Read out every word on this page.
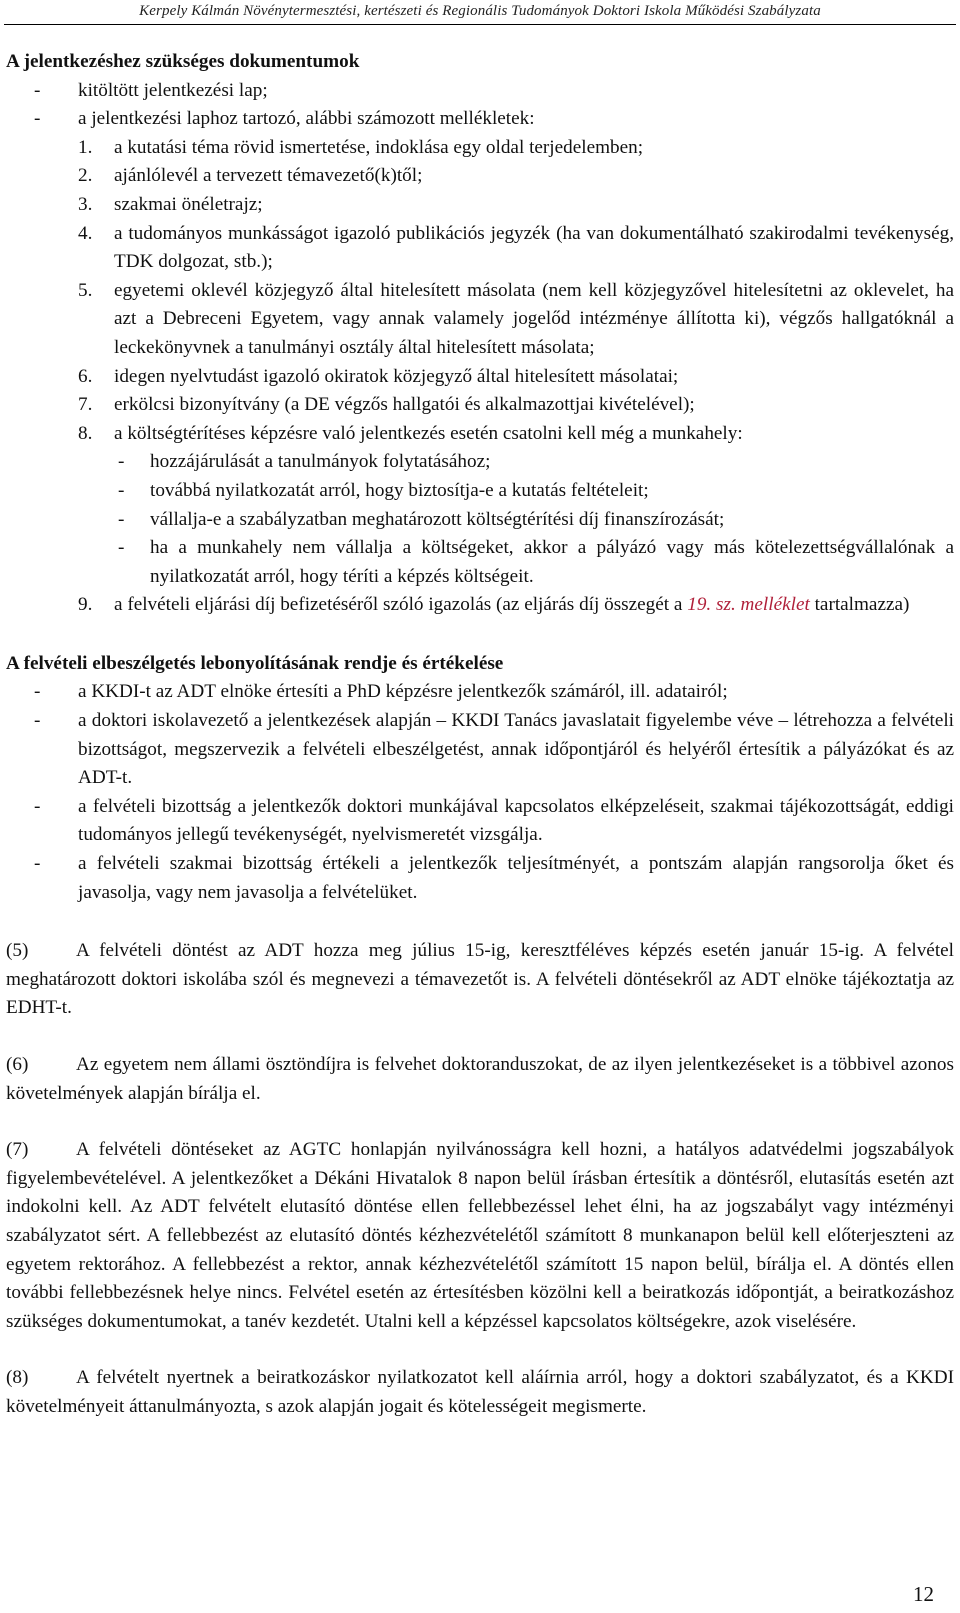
Kerpely Kálmán Növénytermesztési, kertészeti és Regionális Tudományok Doktori Iskola Működési Szabályzata

A jelentkezéshez szükséges dokumentumok

-	kitöltött jelentkezési lap;
-	a jelentkezési laphoz tartozó, alábbi számozott mellékletek:
1.	a kutatási téma rövid ismertetése, indoklása egy oldal terjedelemben;
2.	ajánlólevél a tervezett témavezető(k)től;
3.	szakmai önéletrajz;
4.	a tudományos munkásságot igazoló publikációs jegyzék (ha van dokumentálható szakirodalmi tevékenység, TDK dolgozat, stb.);
5.	egyetemi oklevél közjegyző által hitelesített másolata (nem kell közjegyzővel hitelesítetni az oklevelet, ha azt a Debreceni Egyetem, vagy annak valamely jogelőd intézménye állította ki), végzős hallgatóknál a leckekönyvnek a tanulmányi osztály által hitelesített másolata;
6.	idegen nyelvtudást igazoló okiratok közjegyző által hitelesített másolatai;
7.	erkölcsi bizonyítvány (a DE végzős hallgatói és alkalmazottjai kivételével);
8.	a költségtérítéses képzésre való jelentkezés esetén csatolni kell még a munkahely:
-	hozzájárulását a tanulmányok folytatásához;
-	továbbá nyilatkozatát arról, hogy biztosítja-e a kutatás feltételeit;
-	vállalja-e a szabályzatban meghatározott költségtérítési díj finanszírozását;
-	ha a munkahely nem vállalja a költségeket, akkor a pályázó vagy más kötelezettségvállalónak a nyilatkozatát arról, hogy téríti a képzés költségeit.
9.	a felvételi eljárási díj befizetéséről szóló igazolás (az eljárás díj összegét a 19. sz. melléklet tartalmazza)

A felvételi elbeszélgetés lebonyolításának rendje és értékelése

-	a KKDI-t az ADT elnöke értesíti a PhD képzésre jelentkezők számáról, ill. adatairól;
-	a doktori iskolavezető a jelentkezések alapján – KKDI Tanács javaslatait figyelembe véve – létrehozza a felvételi bizottságot, megszervezik a felvételi elbeszélgetést, annak időpontjáról és helyéről értesítik a pályázókat és az ADT-t.
-	a felvételi bizottság a jelentkezők doktori munkájával kapcsolatos elképzeléseit, szakmai tájékozottságát, eddigi tudományos jellegű tevékenységét, nyelvismeretét vizsgálja.
-	a felvételi szakmai bizottság értékeli a jelentkezők teljesítményét, a pontszám alapján rangsorolja őket és javasolja, vagy nem javasolja a felvételüket.

(5) A felvételi döntést az ADT hozza meg július 15-ig, keresztféléves képzés esetén január 15-ig. A felvétel meghatározott doktori iskolába szól és megnevezi a témavezetőt is. A felvételi döntésekről az ADT elnöke tájékoztatja az EDHT-t.

(6) Az egyetem nem állami ösztöndíjra is felvehet doktoranduszokat, de az ilyen jelentkezéseket is a többivel azonos követelmények alapján bírálja el.

(7) A felvételi döntéseket az AGTC honlapján nyilvánosságra kell hozni, a hatályos adatvédelmi jogszabályok figyelembevételével. A jelentkezőket a Dékáni Hivatalok 8 napon belül írásban értesítik a döntésről, elutasítás esetén azt indokolni kell. Az ADT felvételt elutasító döntése ellen fellebbezéssel lehet élni, ha az jogszabályt vagy intézményi szabályzatot sért. A fellebbezést az elutasító döntés kézhezvételétől számított 8 munkanapon belül kell előterjeszteni az egyetem rektorához. A fellebbezést a rektor, annak kézhezvételétől számított 15 napon belül, bírálja el. A döntés ellen további fellebbezésnek helye nincs. Felvétel esetén az értesítésben közölni kell a beiratkozás időpontját, a beiratkozáshoz szükséges dokumentumokat, a tanév kezdetét. Utalni kell a képzéssel kapcsolatos költségekre, azok viselésére.

(8) A felvételt nyertnek a beiratkozáskor nyilatkozatot kell aláírnia arról, hogy a doktori szabályzatot, és a KKDI követelményeit áttanulmányozta, s azok alapján jogait és kötelességeit megismerte.

12
